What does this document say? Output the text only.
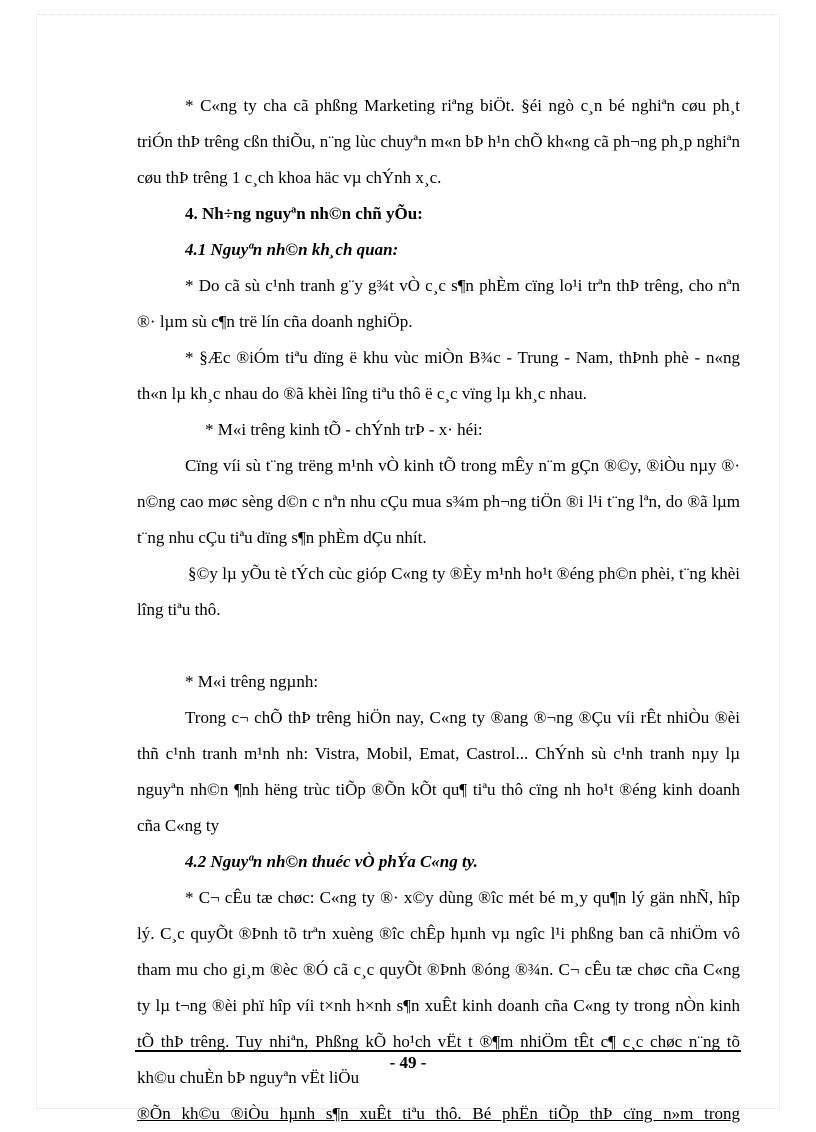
* C«ng ty cha cã phßng Marketing riªng biÖt. §éi ngò c¸n bé nghiªn cøu ph¸t triÓn thÞ trêng cßn thiÕu, n¨ng lùc chuyªn m«n bÞ h¹n chÕ kh«ng cã ph¬ng ph¸p nghiªn cøu thÞ trêng 1 c¸ch khoa häc vµ chÝnh x¸c.

4. Nh÷ng nguyªn nh©n chñ yÕu:

4.1 Nguyªn nh©n kh¸ch quan:

* Do cã sù c¹nh tranh g¨y g¾t vÒ c¸c s¶n phÈm cïng lo¹i trªn thÞ trêng, cho nªn ®· lµm sù c¶n trë lín cña doanh nghiÖp.

* §Æc ®iÓm tiªu dïng ë khu vùc miÒn B¾c - Trung - Nam, thÞnh phè - n«ng th«n lµ kh¸c nhau do ®ã khèi lîng tiªu thô ë c¸c vïng lµ kh¸c nhau.

* M«i trêng kinh tÕ - chÝnh trÞ - x· héi:

Cïng víi sù t¨ng trëng m¹nh vÒ kinh tÕ trong mÊy n¨m gÇn ®©y, ®iÒu nµy ®· n©ng cao møc sèng d©n c nªn nhu cÇu mua s¾m ph¬ng tiÖn ®i l¹i t¨ng lªn, do ®ã lµm t¨ng nhu cÇu tiªu dïng s¶n phÈm dÇu nhít.

§©y lµ yÕu tè tÝch cùc gióp C«ng ty ®Èy m¹nh ho¹t ®éng ph©n phèi, t¨ng khèi lîng tiªu thô.

* M«i trêng ngµnh:

Trong c¬ chÕ thÞ trêng hiÖn nay, C«ng ty ®ang ®¬ng ®Çu víi rÊt nhiÒu ®èi thñ c¹nh tranh m¹nh nh: Vistra, Mobil, Emat, Castrol... ChÝnh sù c¹nh tranh nµy lµ nguyªn nh©n ¶nh hëng trùc tiÕp ®Õn kÕt qu¶ tiªu thô cïng nh ho¹t ®éng kinh doanh cña C«ng ty

4.2 Nguyªn nh©n thuéc vÒ phÝa C«ng ty.

* C¬ cÊu tæ chøc: C«ng ty ®· x©y dùng ®îc mét bé m¸y qu¶n lý gän nhÑ, hîp lý. C¸c quyÕt ®Þnh tõ trªn xuèng ®îc chÊp hµnh vµ ngîc l¹i phßng ban cã nhiÖm vô tham mu cho gi¸m ®èc ®Ó cã c¸c quyÕt ®Þnh ®óng ®¾n. C¬ cÊu tæ chøc cña C«ng ty lµ t¬ng ®èi phï hîp víi t×nh h×nh s¶n xuÊt kinh doanh cña C«ng ty trong nÒn kinh tÕ thÞ trêng. Tuy nhiªn, Phßng kÕ ho¹ch vËt t ®¶m nhiÖm tÊt c¶ c¸c chøc n¨ng tõ kh©u chuÈn bÞ nguyªn vËt liÖu

®Õn kh©u ®iÒu hµnh s¶n xuÊt tiªu thô. Bé phËn tiÕp thÞ cïng n»m trong

- 49 -
